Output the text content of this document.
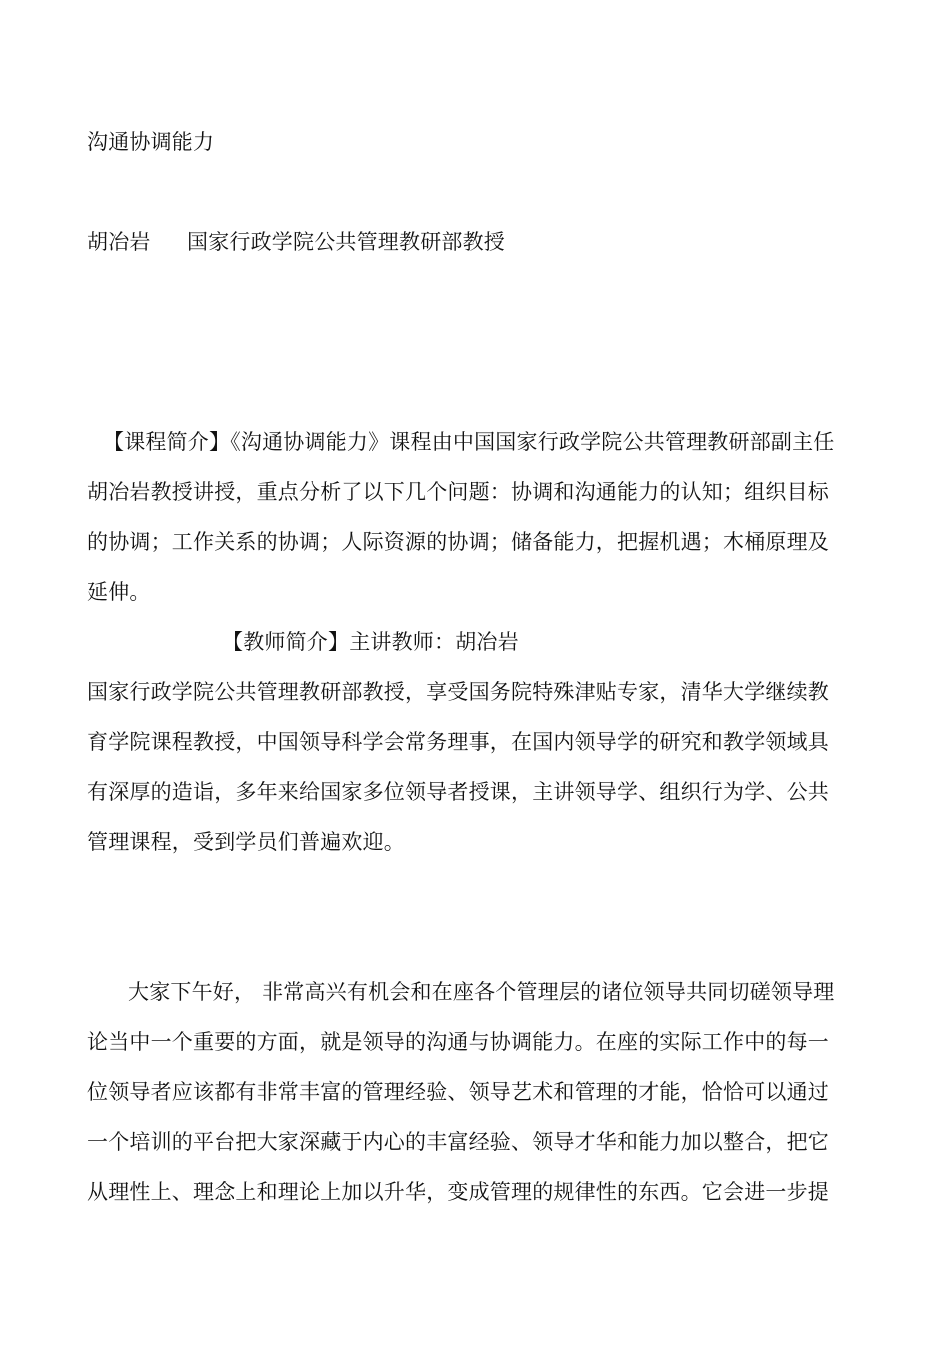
沟通协调能力
胡冶岩 国家行政学院公共管理教研部教授
【课程简介】《沟通协调能力》课程由中国国家行政学院公共管理教研部副主任
胡冶岩教授讲授，重点分析了以下几个问题：协调和沟通能力的认知；组织目标
的协调；工作关系的协调；人际资源的协调；储备能力，把握机遇；木桶原理及
延伸。
【教师简介】主讲教师：胡冶岩
国家行政学院公共管理教研部教授，享受国务院特殊津贴专家，清华大学继续教
育学院课程教授，中国领导科学会常务理事，在国内领导学的研究和教学领域具
有深厚的造诣，多年来给国家多位领导者授课，主讲领导学、组织行为学、公共
管理课程，受到学员们普遍欢迎。
大家下午好， 非常高兴有机会和在座各个管理层的诸位领导共同切磋领导理
论当中一个重要的方面，就是领导的沟通与协调能力。在座的实际工作中的每一
位领导者应该都有非常丰富的管理经验、领导艺术和管理的才能，恰恰可以通过
一个培训的平台把大家深藏于内心的丰富经验、领导才华和能力加以整合，把它
从理性上、理念上和理论上加以升华，变成管理的规律性的东西。它会进一步提
